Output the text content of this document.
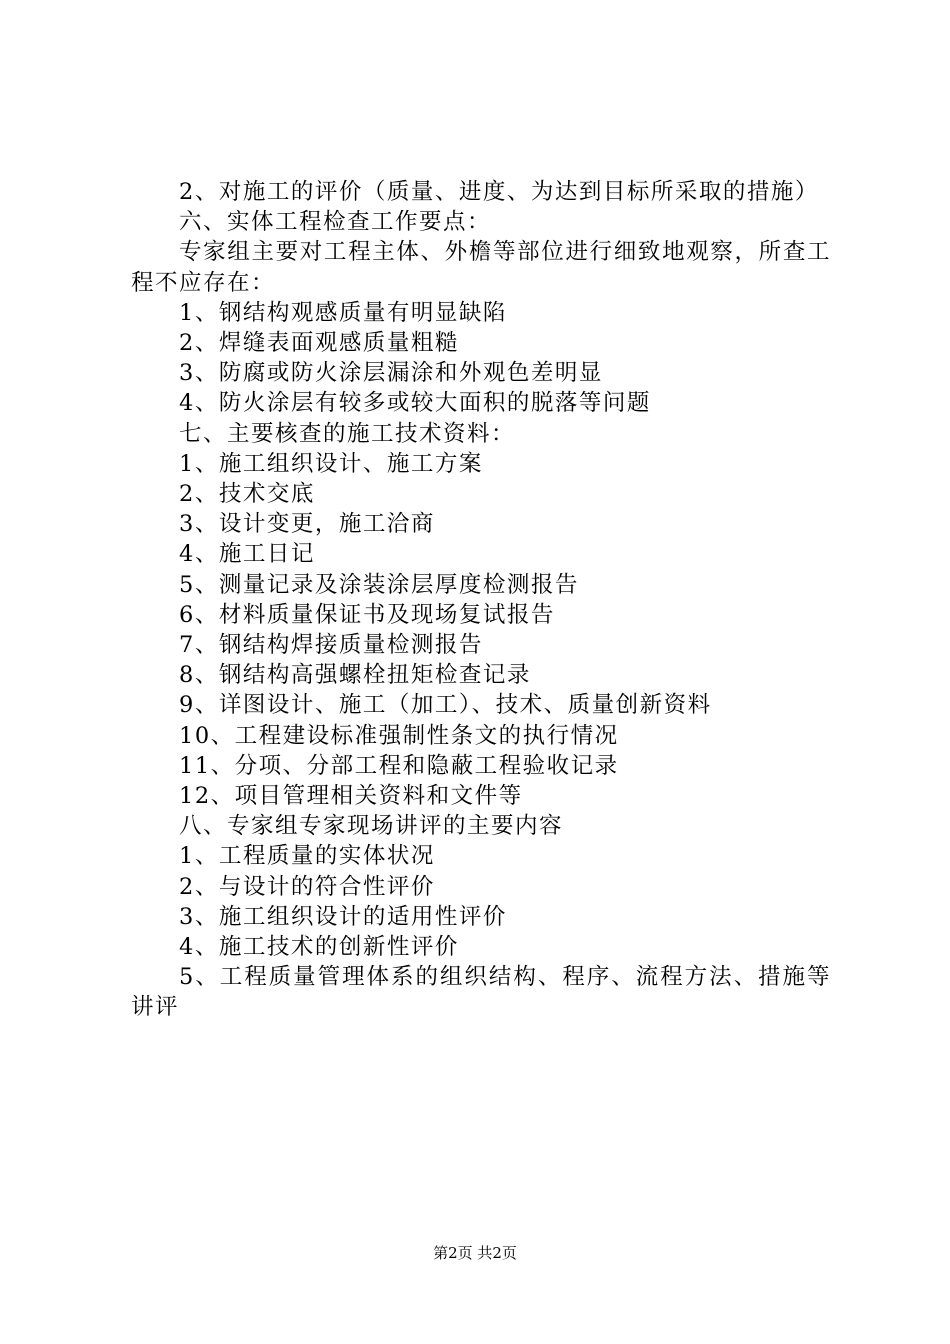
2、对施工的评价（质量、进度、为达到目标所采取的措施）

六、实体工程检查工作要点：

专家组主要对工程主体、外檐等部位进行细致地观察，所查工程不应存在：

1、钢结构观感质量有明显缺陷

2、焊缝表面观感质量粗糙

3、防腐或防火涂层漏涂和外观色差明显

4、防火涂层有较多或较大面积的脱落等问题

七、主要核查的施工技术资料：

1、施工组织设计、施工方案

2、技术交底

3、设计变更，施工洽商

4、施工日记

5、测量记录及涂装涂层厚度检测报告

6、材料质量保证书及现场复试报告

7、钢结构焊接质量检测报告

8、钢结构高强螺栓扭矩检查记录

9、详图设计、施工（加工）、技术、质量创新资料

10、工程建设标准强制性条文的执行情况

11、分项、分部工程和隐蔽工程验收记录

12、项目管理相关资料和文件等

八、专家组专家现场讲评的主要内容

1、工程质量的实体状况

2、与设计的符合性评价

3、施工组织设计的适用性评价

4、施工技术的创新性评价

5、工程质量管理体系的组织结构、程序、流程方法、措施等讲评

第2页 共2页
